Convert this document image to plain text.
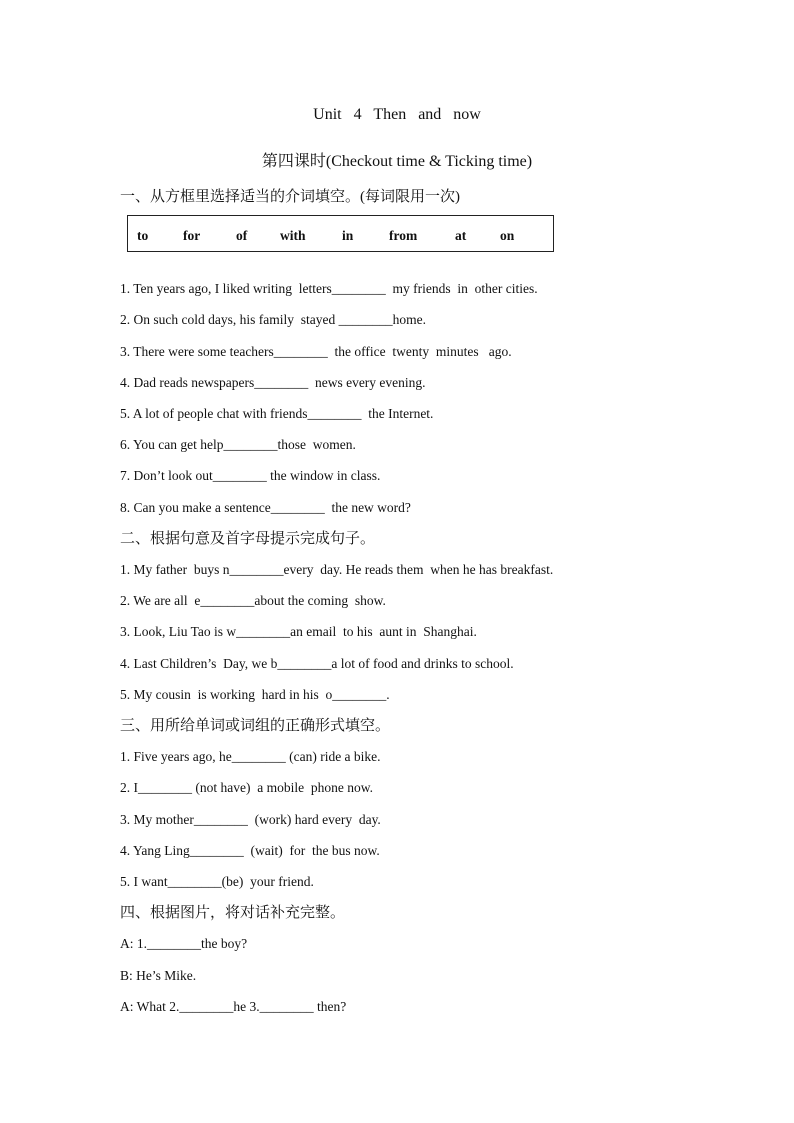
Unit 4 Then and now
第四课时(Checkout time & Ticking time)
一、从方框里选择适当的介词填空。(每词限用一次)
to	for	of with	in	from	at	on
1. Ten years ago, I liked writing  letters________  my friends  in  other cities.
2. On such cold days, his family  stayed ________home.
3. There were some teachers________  the office  twenty  minutes   ago.
4. Dad reads newspapers________  news every evening.
5. A lot of people chat with friends________  the Internet.
6. You can get help________those  women.
7. Don’t look out________ the window in class.
8. Can you make a sentence________  the new word?
二、根据句意及首字母提示完成句子。
1. My father  buys n________every  day. He reads them  when he has breakfast.
2. We are all  e________about the coming  show.
3. Look, Liu Tao is w________an email  to his  aunt in  Shanghai.
4. Last Children’s  Day, we b________a lot of food and drinks to school.
5. My cousin  is working  hard in his  o________.
三、用所给单词或词组的正确形式填空。
1. Five years ago, he________ (can) ride a bike.
2. I________ (not have)  a mobile  phone now.
3. My mother________  (work) hard every  day.
4. Yang Ling________  (wait)  for  the bus now.
5. I want________(be)  your friend.
四、根据图片，将对话补充完整。
A: 1.________the boy?
B: He’s Mike.
A: What 2.________he 3.________ then?
